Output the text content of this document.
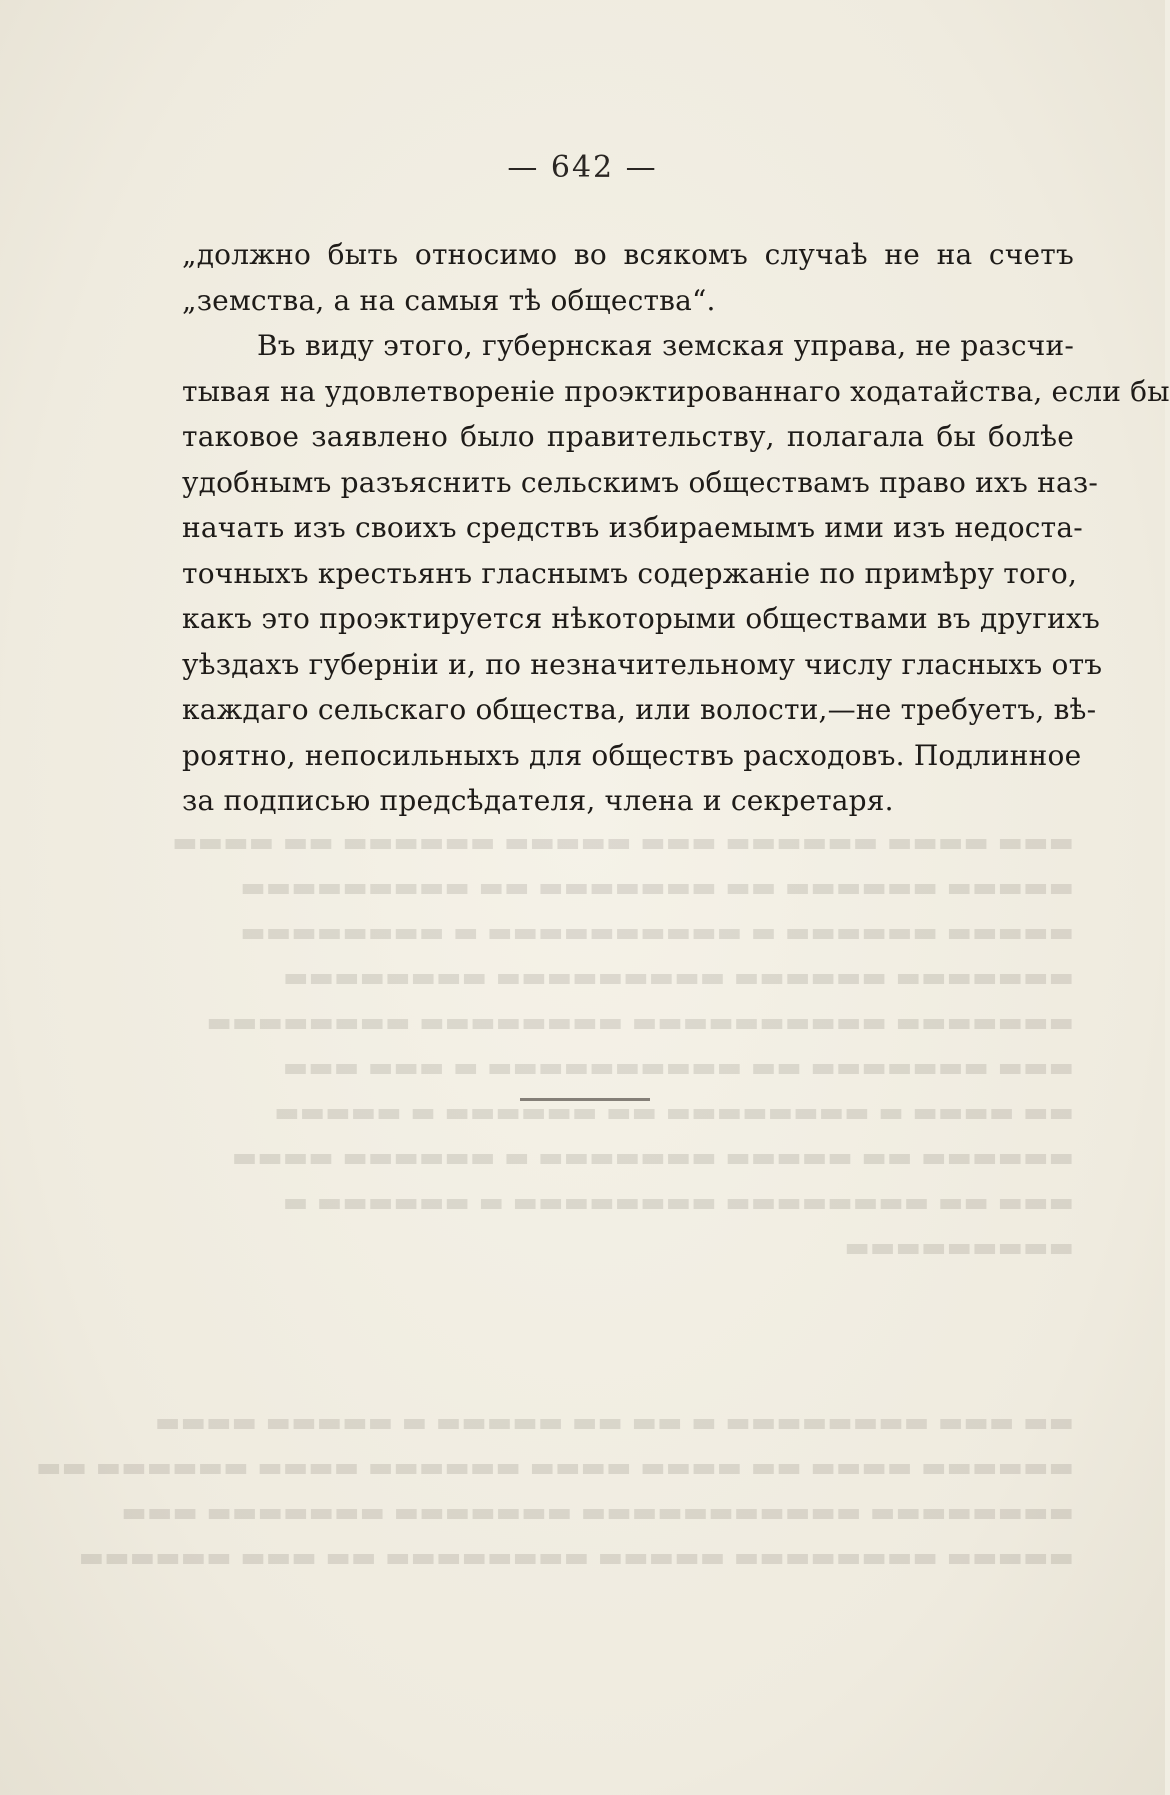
▬▬▬ ▬▬▬▬ ▬▬▬▬▬▬ ▬▬▬ ▬▬▬▬▬ ▬▬▬▬▬▬ ▬▬ ▬▬▬▬
▬▬▬▬▬ ▬▬▬▬▬▬ ▬▬ ▬▬▬▬▬▬▬ ▬▬ ▬▬▬▬▬▬▬▬▬
▬▬▬▬▬ ▬▬▬▬▬▬ ▬ ▬▬▬▬▬▬▬▬▬▬ ▬ ▬▬▬▬▬▬▬▬
▬▬▬▬▬▬▬ ▬▬▬▬▬▬ ▬▬▬▬▬▬▬▬▬ ▬▬▬▬▬▬▬▬
▬▬▬▬▬▬▬ ▬▬▬▬▬▬▬▬▬▬ ▬▬▬▬▬▬▬▬ ▬▬▬▬▬▬▬▬
▬▬▬ ▬▬▬▬▬▬▬ ▬▬ ▬▬▬▬▬▬▬▬▬▬ ▬ ▬▬▬ ▬▬▬
▬▬ ▬▬▬▬ ▬ ▬▬▬▬▬▬▬▬ ▬▬ ▬▬▬▬▬▬ ▬ ▬▬▬▬▬
▬▬▬▬▬▬ ▬▬ ▬▬▬▬▬ ▬▬▬▬▬▬▬ ▬ ▬▬▬▬▬▬ ▬▬▬▬
▬▬▬ ▬▬ ▬▬▬▬▬▬▬▬ ▬▬▬▬▬▬▬▬ ▬ ▬▬▬▬▬▬ ▬
▬▬▬▬▬▬▬▬▬
▬▬ ▬▬▬ ▬▬▬▬▬▬▬▬ ▬ ▬▬ ▬▬ ▬▬▬▬▬ ▬ ▬▬▬▬▬ ▬▬▬▬
▬▬▬▬▬▬ ▬▬▬▬ ▬▬ ▬▬▬▬ ▬▬▬▬ ▬▬▬▬▬▬ ▬▬▬▬ ▬▬▬▬▬▬ ▬▬
▬▬▬▬▬▬▬▬ ▬▬▬▬▬▬▬▬▬▬▬ ▬▬▬▬▬▬▬ ▬▬▬▬▬▬▬ ▬▬▬
▬▬▬▬▬ ▬▬▬▬▬▬▬▬ ▬▬▬▬▬ ▬▬▬▬▬▬▬▬ ▬▬ ▬▬▬ ▬▬▬▬▬▬
— 642 —
„должно быть относимо во всякомъ случаѣ не на счетъ
„земства, а на самыя тѣ общества“.
Въ виду этого, губернская земская управа, не разсчи-
тывая на удовлетвореніе проэктированнаго ходатайства, если бы
таковое заявлено было правительству, полагала бы болѣе
удобнымъ разъяснить сельскимъ обществамъ право ихъ наз-
начать изъ своихъ средствъ избираемымъ ими изъ недоста-
точныхъ крестьянъ гласнымъ содержаніе по примѣру того,
какъ это проэктируется нѣкоторыми обществами въ другихъ
уѣздахъ губерніи и, по незначительному числу гласныхъ отъ
каждаго сельскаго общества, или волости,—не требуетъ, вѣ-
роятно, непосильныхъ для обществъ расходовъ. Подлинное
за подписью предсѣдателя, члена и секретаря.
